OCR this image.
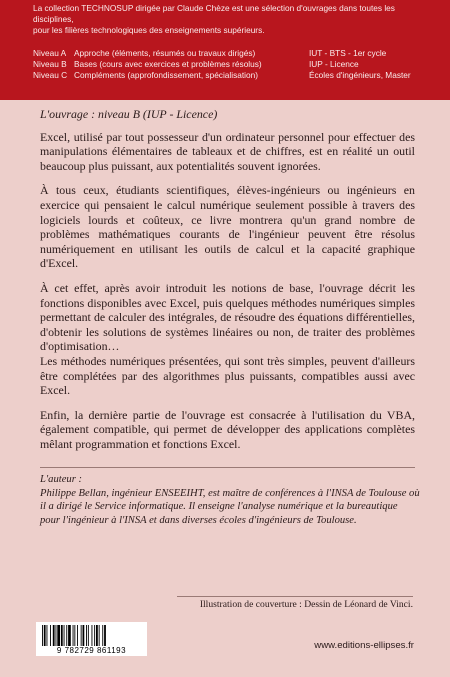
La collection TECHNOSUP dirigée par Claude Chèze est une sélection d'ouvrages dans toutes les disciplines,
pour les filières technologiques des enseignements supérieurs.
Niveau A Approche (éléments, résumés ou travaux dirigés)	IUT - BTS - 1er cycle
Niveau B Bases (cours avec exercices et problèmes résolus)	IUP - Licence
Niveau C Compléments (approfondissement, spécialisation)	Écoles d'ingénieurs, Master
L'ouvrage : niveau B (IUP - Licence)

Excel, utilisé par tout possesseur d'un ordinateur personnel pour effectuer des manipulations élémentaires de tableaux et de chiffres, est en réalité un outil beaucoup plus puissant, aux potentialités souvent ignorées.

À tous ceux, étudiants scientifiques, élèves-ingénieurs ou ingénieurs en exercice qui pensaient le calcul numérique seulement possible à travers des logiciels lourds et coûteux, ce livre montrera qu'un grand nombre de problèmes mathématiques courants de l'ingénieur peuvent être résolus numériquement en utilisant les outils de calcul et la capacité graphique d'Excel.

À cet effet, après avoir introduit les notions de base, l'ouvrage décrit les fonctions disponibles avec Excel, puis quelques méthodes numériques simples permettant de calculer des intégrales, de résoudre des équations différentielles, d'obtenir les solutions de systèmes linéaires ou non, de traiter des problèmes d'optimisation…

Les méthodes numériques présentées, qui sont très simples, peuvent d'ailleurs être complétées par des algorithmes plus puissants, compatibles aussi avec Excel.

Enfin, la dernière partie de l'ouvrage est consacrée à l'utilisation du VBA, également compatible, qui permet de développer des applications complètes mêlant programmation et fonctions Excel.

L'auteur :

Philippe Bellan, ingénieur ENSEEIHT, est maître de conférences à l'INSA de Toulouse où il a dirigé le Service informatique. Il enseigne l'analyse numérique et la bureautique pour l'ingénieur à l'INSA et dans diverses écoles d'ingénieurs de Toulouse.

Illustration de couverture : Dessin de Léonard de Vinci.
9 782729 861193	www.editions-ellipses.fr
